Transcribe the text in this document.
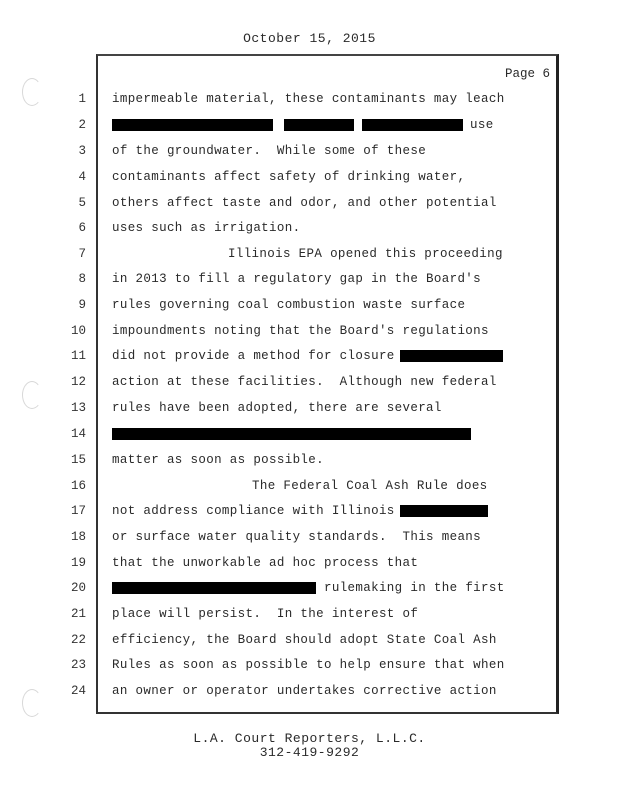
October 15, 2015
Page 6
1
2
3
4
5
6
7
8
9
10
11
12
13
14
15
16
17
18
19
20
21
22
23
24
impermeable material, these contaminants may leach
use
of the groundwater.  While some of these
contaminants affect safety of drinking water,
others affect taste and odor, and other potential
uses such as irrigation.
Illinois EPA opened this proceeding
in 2013 to fill a regulatory gap in the Board's
rules governing coal combustion waste surface
impoundments noting that the Board's regulations
did not provide a method for closure
action at these facilities.  Although new federal
rules have been adopted, there are several
matter as soon as possible.
The Federal Coal Ash Rule does
not address compliance with Illinois
or surface water quality standards.  This means
that the unworkable ad hoc process that
rulemaking in the first
place will persist.  In the interest of
efficiency, the Board should adopt State Coal Ash
Rules as soon as possible to help ensure that when
an owner or operator undertakes corrective action
L.A. Court Reporters, L.L.C.
312-419-9292
